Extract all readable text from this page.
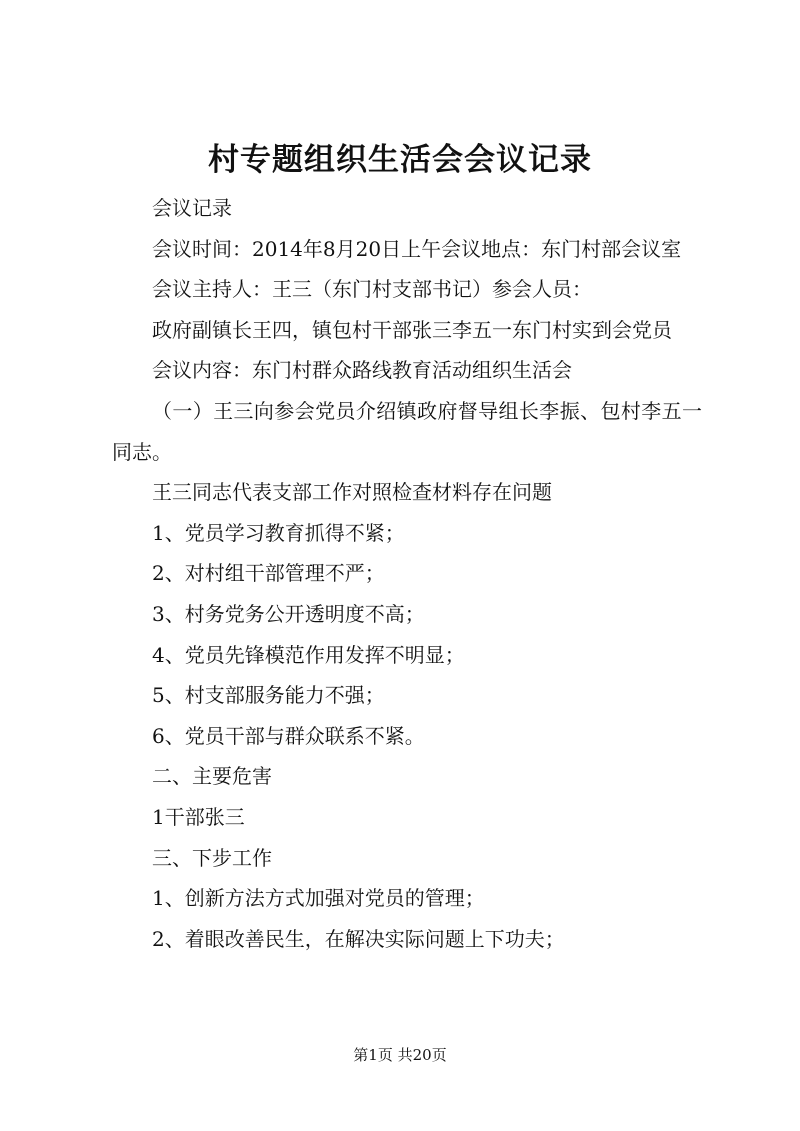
村专题组织生活会会议记录

会议记录

会议时间：2014年8月20日上午会议地点：东门村部会议室

会议主持人：王三（东门村支部书记）参会人员：

政府副镇长王四，镇包村干部张三李五一东门村实到会党员

会议内容：东门村群众路线教育活动组织生活会

（一）王三向参会党员介绍镇政府督导组长李振、包村李五一同志。

王三同志代表支部工作对照检查材料存在问题

1、党员学习教育抓得不紧；

2、对村组干部管理不严；

3、村务党务公开透明度不高；

4、党员先锋模范作用发挥不明显；

5、村支部服务能力不强；

6、党员干部与群众联系不紧。

二、主要危害

1干部张三

三、下步工作

1、创新方法方式加强对党员的管理；

2、着眼改善民生，在解决实际问题上下功夫；

第1页 共20页
